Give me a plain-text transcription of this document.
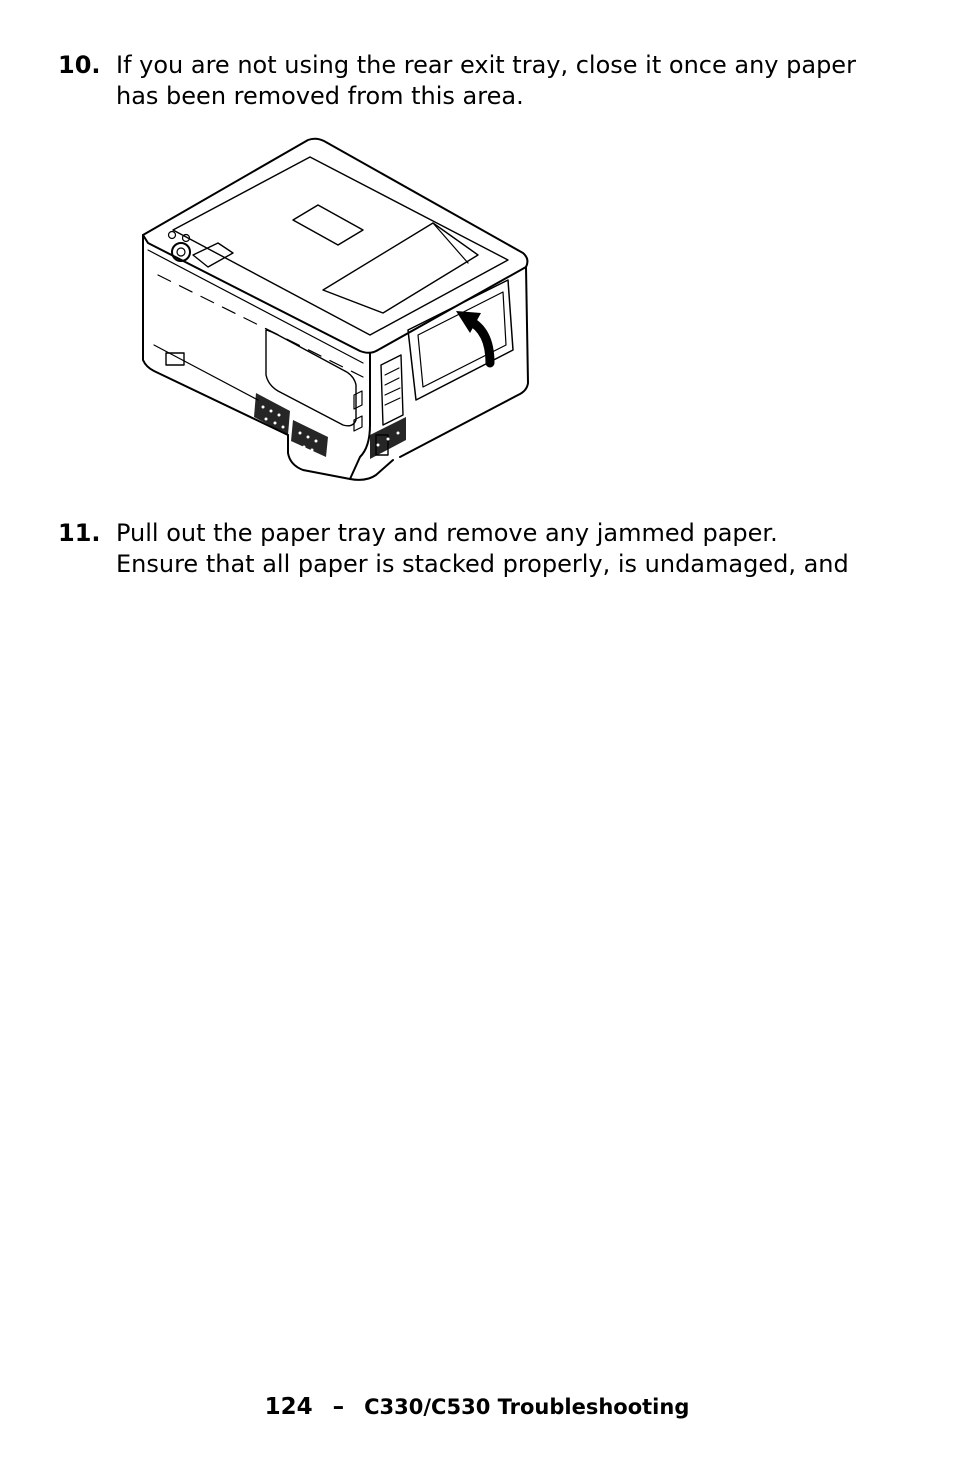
10. If you are not using the rear exit tray, close it once any paper
has been removed from this area.
11. Pull out the paper tray and remove any jammed paper.
Ensure that all paper is stacked properly, is undamaged, and
124 – C330/C530 Troubleshooting
